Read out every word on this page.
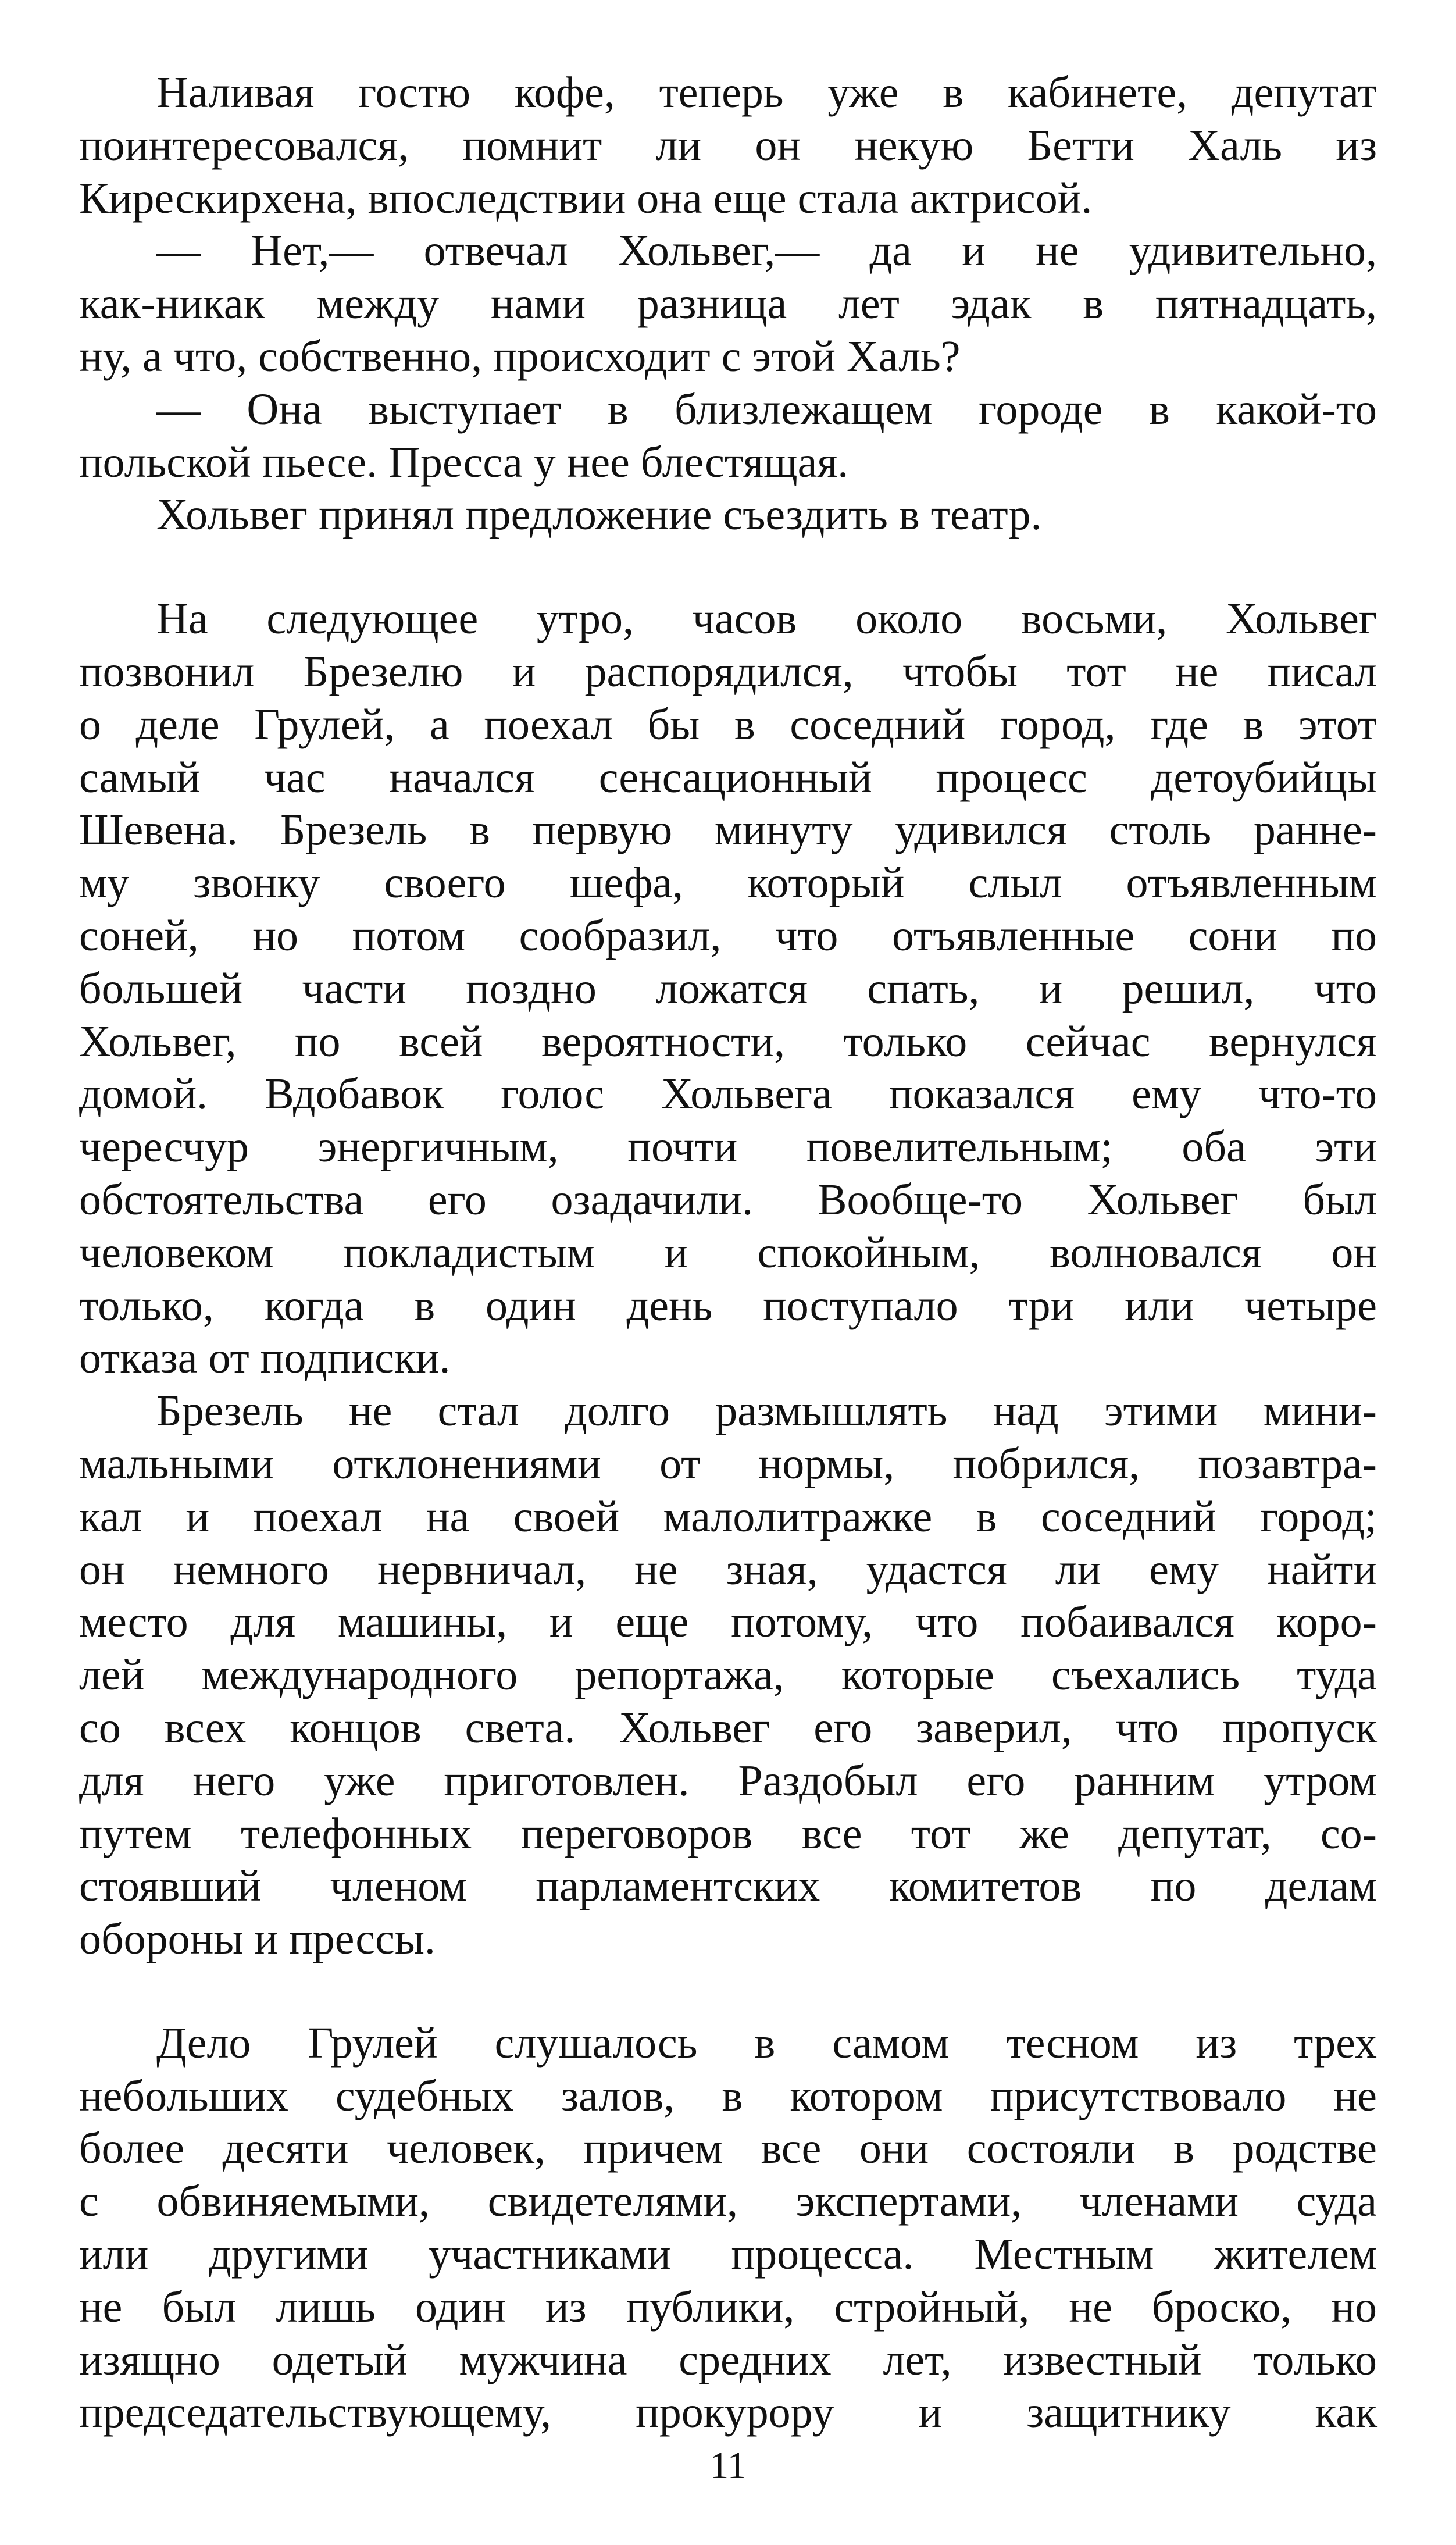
Наливая гостю кофе, теперь уже в кабинете, депутат
поинтересовался, помнит ли он некую Бетти Халь из
Кирескирхена, впоследствии она еще стала актрисой.
— Нет,— отвечал Хольвег,— да и не удивительно,
как-никак между нами разница лет эдак в пятнадцать,
ну, а что, собственно, происходит с этой Халь?
— Она выступает в близлежащем городе в какой-то
польской пьесе. Пресса у нее блестящая.
Хольвег принял предложение съездить в театр.
На следующее утро, часов около восьми, Хольвег
позвонил Брезелю и распорядился, чтобы тот не писал
о деле Грулей, а поехал бы в соседний город, где в этот
самый час начался сенсационный процесс детоубийцы
Шевена. Брезель в первую минуту удивился столь ранне-
му звонку своего шефа, который слыл отъявленным
соней, но потом сообразил, что отъявленные сони по
большей части поздно ложатся спать, и решил, что
Хольвег, по всей вероятности, только сейчас вернулся
домой. Вдобавок голос Хольвега показался ему что-то
чересчур энергичным, почти повелительным; оба эти
обстоятельства его озадачили. Вообще-то Хольвег был
человеком покладистым и спокойным, волновался он
только, когда в один день поступало три или четыре
отказа от подписки.
Брезель не стал долго размышлять над этими мини-
мальными отклонениями от нормы, побрился, позавтра-
кал и поехал на своей малолитражке в соседний город;
он немного нервничал, не зная, удастся ли ему найти
место для машины, и еще потому, что побаивался коро-
лей международного репортажа, которые съехались туда
со всех концов света. Хольвег его заверил, что пропуск
для него уже приготовлен. Раздобыл его ранним утром
путем телефонных переговоров все тот же депутат, со-
стоявший членом парламентских комитетов по делам
обороны и прессы.
Дело Грулей слушалось в самом тесном из трех
небольших судебных залов, в котором присутствовало не
более десяти человек, причем все они состояли в родстве
с обвиняемыми, свидетелями, экспертами, членами суда
или другими участниками процесса. Местным жителем
не был лишь один из публики, стройный, не броско, но
изящно одетый мужчина средних лет, известный только
председательствующему, прокурору и защитнику как
11
